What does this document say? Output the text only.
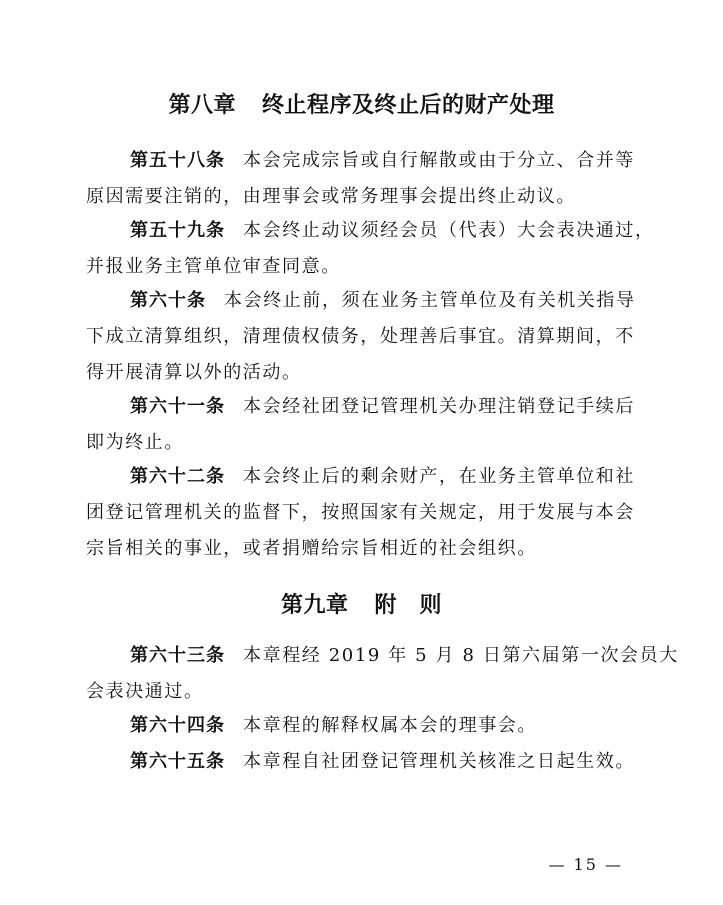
第八章 终止程序及终止后的财产处理

第五十八条 本会完成宗旨或自行解散或由于分立、合并等
原因需要注销的，由理事会或常务理事会提出终止动议。

第五十九条 本会终止动议须经会员（代表）大会表决通过，
并报业务主管单位审查同意。

第六十条 本会终止前，须在业务主管单位及有关机关指导
下成立清算组织，清理债权债务，处理善后事宜。清算期间，不
得开展清算以外的活动。

第六十一条 本会经社团登记管理机关办理注销登记手续后
即为终止。

第六十二条 本会终止后的剩余财产，在业务主管单位和社
团登记管理机关的监督下，按照国家有关规定，用于发展与本会
宗旨相关的事业，或者捐赠给宗旨相近的社会组织。

第九章 附　则

第六十三条 本章程经 2019 年 5 月 8 日第六届第一次会员大
会表决通过。

第六十四条 本章程的解释权属本会的理事会。

第六十五条 本章程自社团登记管理机关核准之日起生效。

— 15 —
